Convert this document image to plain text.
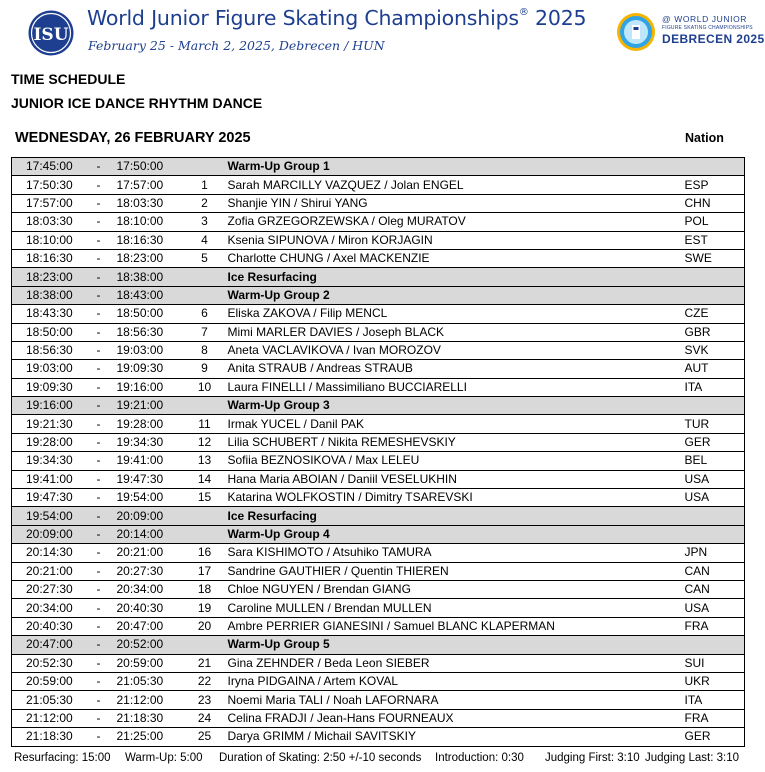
ISU
World Junior Figure Skating Championships® 2025
February 25 - March 2, 2025, Debrecen / HUN
@ WORLD JUNIOR
FIGURE SKATING CHAMPIONSHIPS
DEBRECEN 2025
TIME SCHEDULE
JUNIOR ICE DANCE RHYTHM DANCE
WEDNESDAY, 26 FEBRUARY 2025	Nation
17:45:00	-	17:50:00		Warm-Up Group 1	
17:50:30	-	17:57:00	1	Sarah MARCILLY VAZQUEZ / Jolan ENGEL	ESP
17:57:00	-	18:03:30	2	Shanjie YIN / Shirui YANG	CHN
18:03:30	-	18:10:00	3	Zofia GRZEGORZEWSKA / Oleg MURATOV	POL
18:10:00	-	18:16:30	4	Ksenia SIPUNOVA / Miron KORJAGIN	EST
18:16:30	-	18:23:00	5	Charlotte CHUNG / Axel MACKENZIE	SWE
18:23:00	-	18:38:00		Ice Resurfacing	
18:38:00	-	18:43:00		Warm-Up Group 2	
18:43:30	-	18:50:00	6	Eliska ZAKOVA / Filip MENCL	CZE
18:50:00	-	18:56:30	7	Mimi MARLER DAVIES / Joseph BLACK	GBR
18:56:30	-	19:03:00	8	Aneta VACLAVIKOVA / Ivan MOROZOV	SVK
19:03:00	-	19:09:30	9	Anita STRAUB / Andreas STRAUB	AUT
19:09:30	-	19:16:00	10	Laura FINELLI / Massimiliano BUCCIARELLI	ITA
19:16:00	-	19:21:00		Warm-Up Group 3	
19:21:30	-	19:28:00	11	Irmak YUCEL / Danil PAK	TUR
19:28:00	-	19:34:30	12	Lilia SCHUBERT / Nikita REMESHEVSKIY	GER
19:34:30	-	19:41:00	13	Sofiia BEZNOSIKOVA / Max LELEU	BEL
19:41:00	-	19:47:30	14	Hana Maria ABOIAN / Daniil VESELUKHIN	USA
19:47:30	-	19:54:00	15	Katarina WOLFKOSTIN / Dimitry TSAREVSKI	USA
19:54:00	-	20:09:00		Ice Resurfacing	
20:09:00	-	20:14:00		Warm-Up Group 4	
20:14:30	-	20:21:00	16	Sara KISHIMOTO / Atsuhiko TAMURA	JPN
20:21:00	-	20:27:30	17	Sandrine GAUTHIER / Quentin THIEREN	CAN
20:27:30	-	20:34:00	18	Chloe NGUYEN / Brendan GIANG	CAN
20:34:00	-	20:40:30	19	Caroline MULLEN / Brendan MULLEN	USA
20:40:30	-	20:47:00	20	Ambre PERRIER GIANESINI / Samuel BLANC KLAPERMAN	FRA
20:47:00	-	20:52:00		Warm-Up Group 5	
20:52:30	-	20:59:00	21	Gina ZEHNDER / Beda Leon SIEBER	SUI
20:59:00	-	21:05:30	22	Iryna PIDGAINA / Artem KOVAL	UKR
21:05:30	-	21:12:00	23	Noemi Maria TALI / Noah LAFORNARA	ITA
21:12:00	-	21:18:30	24	Celina FRADJI / Jean-Hans FOURNEAUX	FRA
21:18:30	-	21:25:00	25	Darya GRIMM / Michail SAVITSKIY	GER
Resurfacing: 15:00 Warm-Up: 5:00 Duration of Skating: 2:50 +/-10 seconds Introduction: 0:30 Judging First: 3:10 Judging Last: 3:10
